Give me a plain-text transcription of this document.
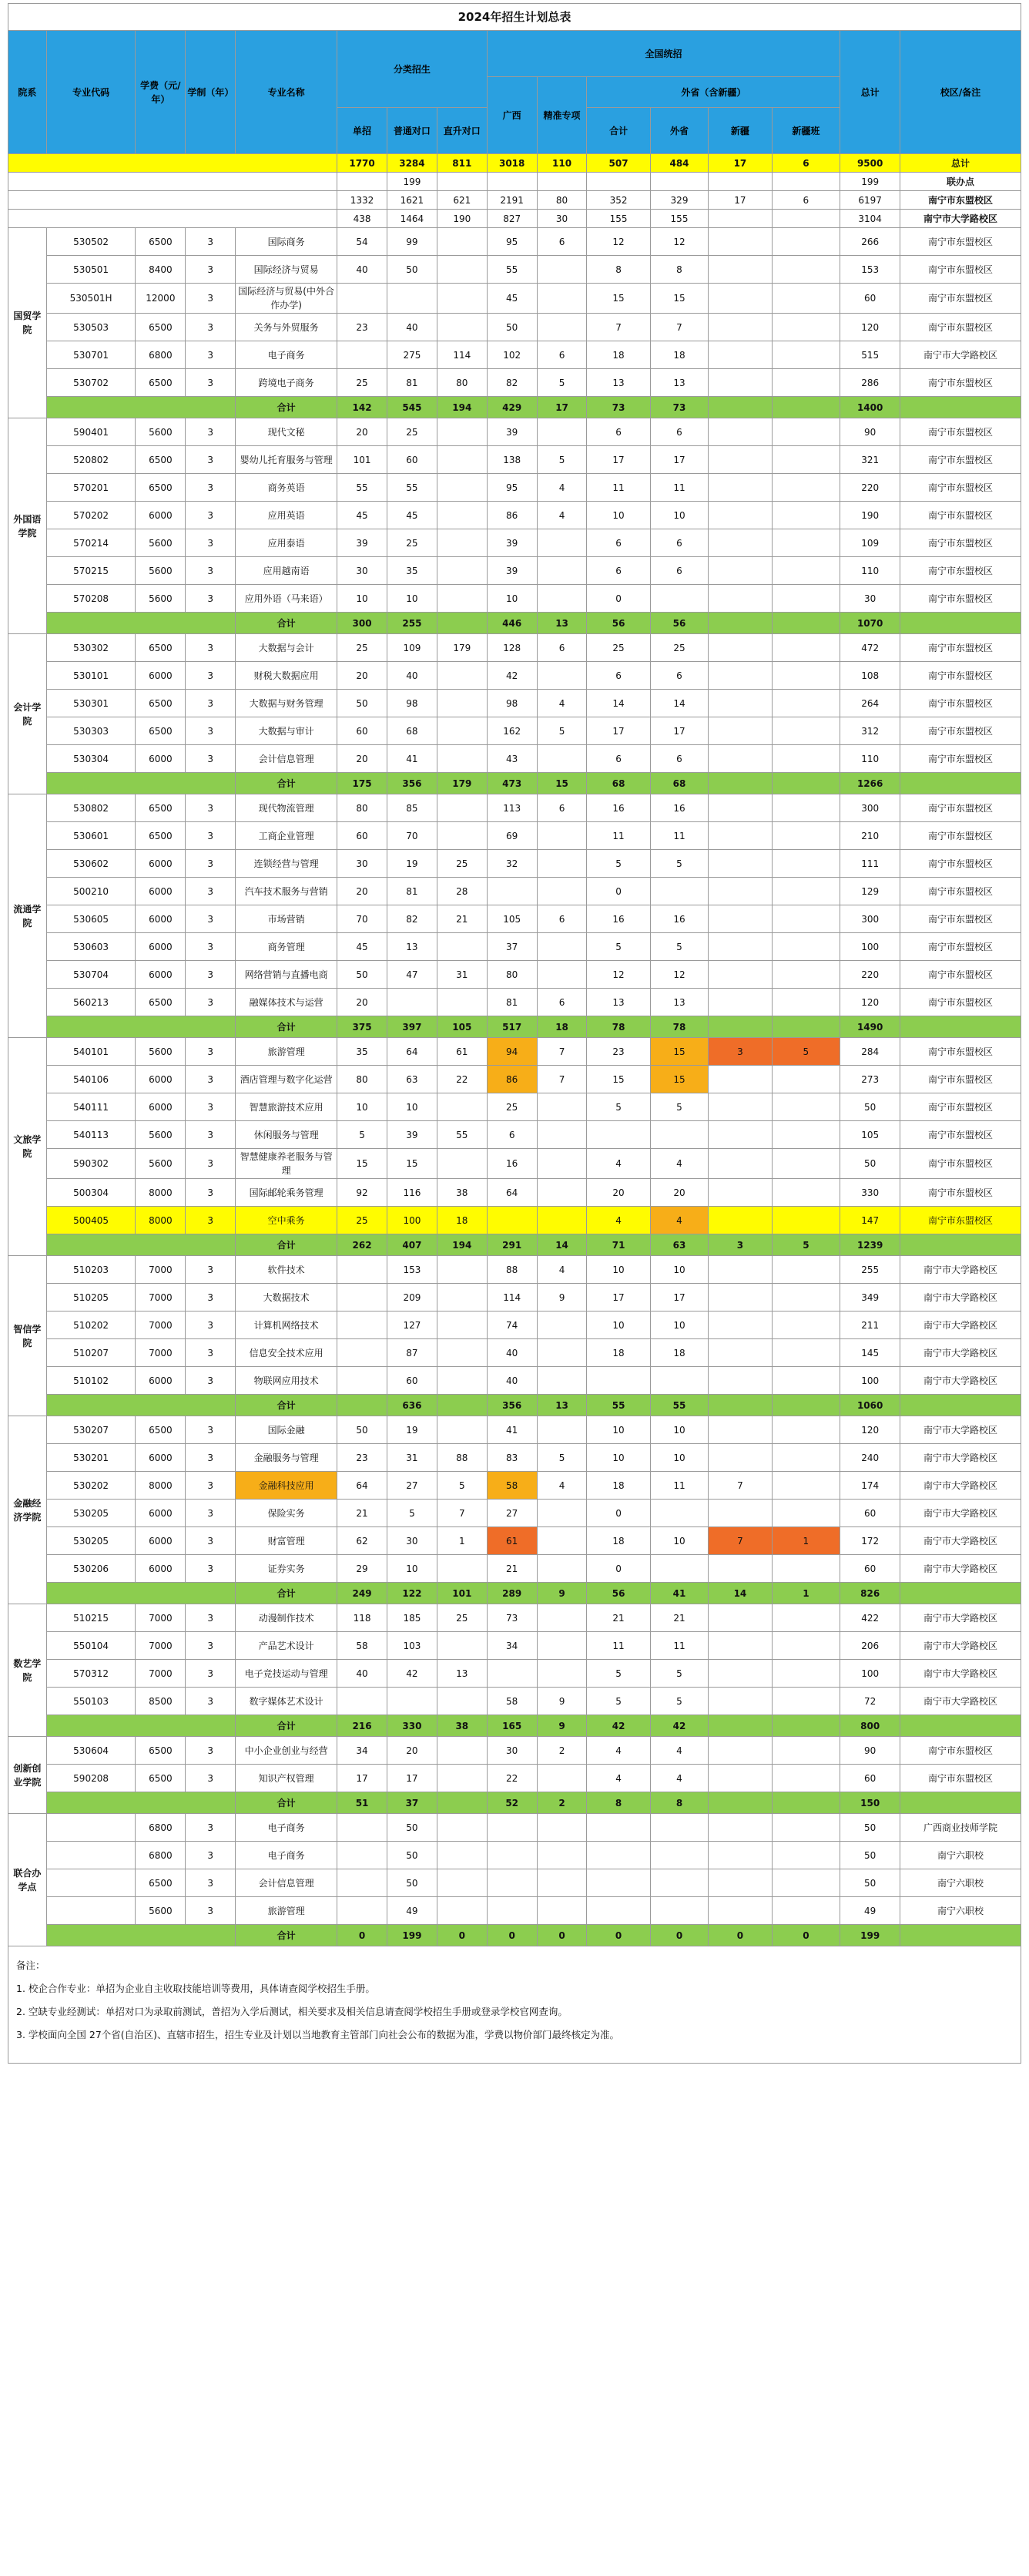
2024年招生计划总表
院系	专业代码	学费（元/年）	学制（年）	专业名称	分类招生			全国统招						总计	校区/备注
								广西	精准专项	外省（含新疆）					
					单招	普通对口	直升对口			合计	外省	新疆	新疆班		
					1770	3284	811	3018	110	507	484	17	6	9500	总计
						199								199	联办点
					1332	1621	621	2191	80	352	329	17	6	6197	南宁市东盟校区
					438	1464	190	827	30	155	155			3104	南宁市大学路校区
国贸学院	530502	6500	3	国际商务	54	99		95	6	12	12			266	南宁市东盟校区
	530501	8400	3	国际经济与贸易	40	50		55		8	8			153	南宁市东盟校区
	530501H	12000	3	国际经济与贸易(中外合作办学)				45		15	15			60	南宁市东盟校区
	530503	6500	3	关务与外贸服务	23	40		50		7	7			120	南宁市东盟校区
	530701	6800	3	电子商务		275	114	102	6	18	18			515	南宁市大学路校区
	530702	6500	3	跨境电子商务	25	81	80	82	5	13	13			286	南宁市东盟校区
				合计	142	545	194	429	17	73	73			1400	
外国语学院	590401	5600	3	现代文秘	20	25		39		6	6			90	南宁市东盟校区
	520802	6500	3	婴幼儿托育服务与管理	101	60		138	5	17	17			321	南宁市东盟校区
	570201	6500	3	商务英语	55	55		95	4	11	11			220	南宁市东盟校区
	570202	6000	3	应用英语	45	45		86	4	10	10			190	南宁市东盟校区
	570214	5600	3	应用泰语	39	25		39		6	6			109	南宁市东盟校区
	570215	5600	3	应用越南语	30	35		39		6	6			110	南宁市东盟校区
	570208	5600	3	应用外语（马来语）	10	10		10		0				30	南宁市东盟校区
				合计	300	255		446	13	56	56			1070	
会计学院	530302	6500	3	大数据与会计	25	109	179	128	6	25	25			472	南宁市东盟校区
	530101	6000	3	财税大数据应用	20	40		42		6	6			108	南宁市东盟校区
	530301	6500	3	大数据与财务管理	50	98		98	4	14	14			264	南宁市东盟校区
	530303	6500	3	大数据与审计	60	68		162	5	17	17			312	南宁市东盟校区
	530304	6000	3	会计信息管理	20	41		43		6	6			110	南宁市东盟校区
				合计	175	356	179	473	15	68	68			1266	
流通学院	530802	6500	3	现代物流管理	80	85		113	6	16	16			300	南宁市东盟校区
	530601	6500	3	工商企业管理	60	70		69		11	11			210	南宁市东盟校区
	530602	6000	3	连锁经营与管理	30	19	25	32		5	5			111	南宁市东盟校区
	500210	6000	3	汽车技术服务与营销	20	81	28			0				129	南宁市东盟校区
	530605	6000	3	市场营销	70	82	21	105	6	16	16			300	南宁市东盟校区
	530603	6000	3	商务管理	45	13		37		5	5			100	南宁市东盟校区
	530704	6000	3	网络营销与直播电商	50	47	31	80		12	12			220	南宁市东盟校区
	560213	6500	3	融媒体技术与运营	20			81	6	13	13			120	南宁市东盟校区
				合计	375	397	105	517	18	78	78			1490	
文旅学院	540101	5600	3	旅游管理	35	64	61	94	7	23	15	3	5	284	南宁市东盟校区
	540106	6000	3	酒店管理与数字化运营	80	63	22	86	7	15	15			273	南宁市东盟校区
	540111	6000	3	智慧旅游技术应用	10	10		25		5	5			50	南宁市东盟校区
	540113	5600	3	休闲服务与管理	5	39	55	6						105	南宁市东盟校区
	590302	5600	3	智慧健康养老服务与管理	15	15		16		4	4			50	南宁市东盟校区
	500304	8000	3	国际邮轮乘务管理	92	116	38	64		20	20			330	南宁市东盟校区
	500405	8000	3	空中乘务	25	100	18			4	4			147	南宁市东盟校区
				合计	262	407	194	291	14	71	63	3	5	1239	
智信学院	510203	7000	3	软件技术		153		88	4	10	10			255	南宁市大学路校区
	510205	7000	3	大数据技术		209		114	9	17	17			349	南宁市大学路校区
	510202	7000	3	计算机网络技术		127		74		10	10			211	南宁市大学路校区
	510207	7000	3	信息安全技术应用		87		40		18	18			145	南宁市大学路校区
	510102	6000	3	物联网应用技术		60		40						100	南宁市大学路校区
				合计		636		356	13	55	55			1060	
金融经济学院	530207	6500	3	国际金融	50	19		41		10	10			120	南宁市大学路校区
	530201	6000	3	金融服务与管理	23	31	88	83	5	10	10			240	南宁市大学路校区
	530202	8000	3	金融科技应用	64	27	5	58	4	18	11	7		174	南宁市大学路校区
	530205	6000	3	保险实务	21	5	7	27		0				60	南宁市大学路校区
	530205	6000	3	财富管理	62	30	1	61		18	10	7	1	172	南宁市大学路校区
	530206	6000	3	证券实务	29	10		21		0				60	南宁市大学路校区
				合计	249	122	101	289	9	56	41	14	1	826	
数艺学院	510215	7000	3	动漫制作技术	118	185	25	73		21	21			422	南宁市大学路校区
	550104	7000	3	产品艺术设计	58	103		34		11	11			206	南宁市大学路校区
	570312	7000	3	电子竞技运动与管理	40	42	13			5	5			100	南宁市大学路校区
	550103	8500	3	数字媒体艺术设计				58	9	5	5			72	南宁市大学路校区
				合计	216	330	38	165	9	42	42			800	
创新创业学院	530604	6500	3	中小企业创业与经营	34	20		30	2	4	4			90	南宁市东盟校区
	590208	6500	3	知识产权管理	17	17		22		4	4			60	南宁市东盟校区
				合计	51	37		52	2	8	8			150	
联合办学点		6800	3	电子商务		50								50	广西商业技师学院
		6800	3	电子商务		50								50	南宁六职校
		6500	3	会计信息管理		50								50	南宁六职校
		5600	3	旅游管理		49								49	南宁六职校
				合计	0	199	0	0	0	0	0	0	0	199	
备注：
1. 校企合作专业：单招为企业自主收取技能培训等费用，具体请查阅学校招生手册。
2. 空缺专业经测试：单招对口为录取前测试，普招为入学后测试，相关要求及相关信息请查阅学校招生手册或登录学校官网查询。
3. 学校面向全国 27个省(自治区)、直辖市招生，招生专业及计划以当地教育主管部门向社会公布的数据为准，学费以物价部门最终核定为准。
